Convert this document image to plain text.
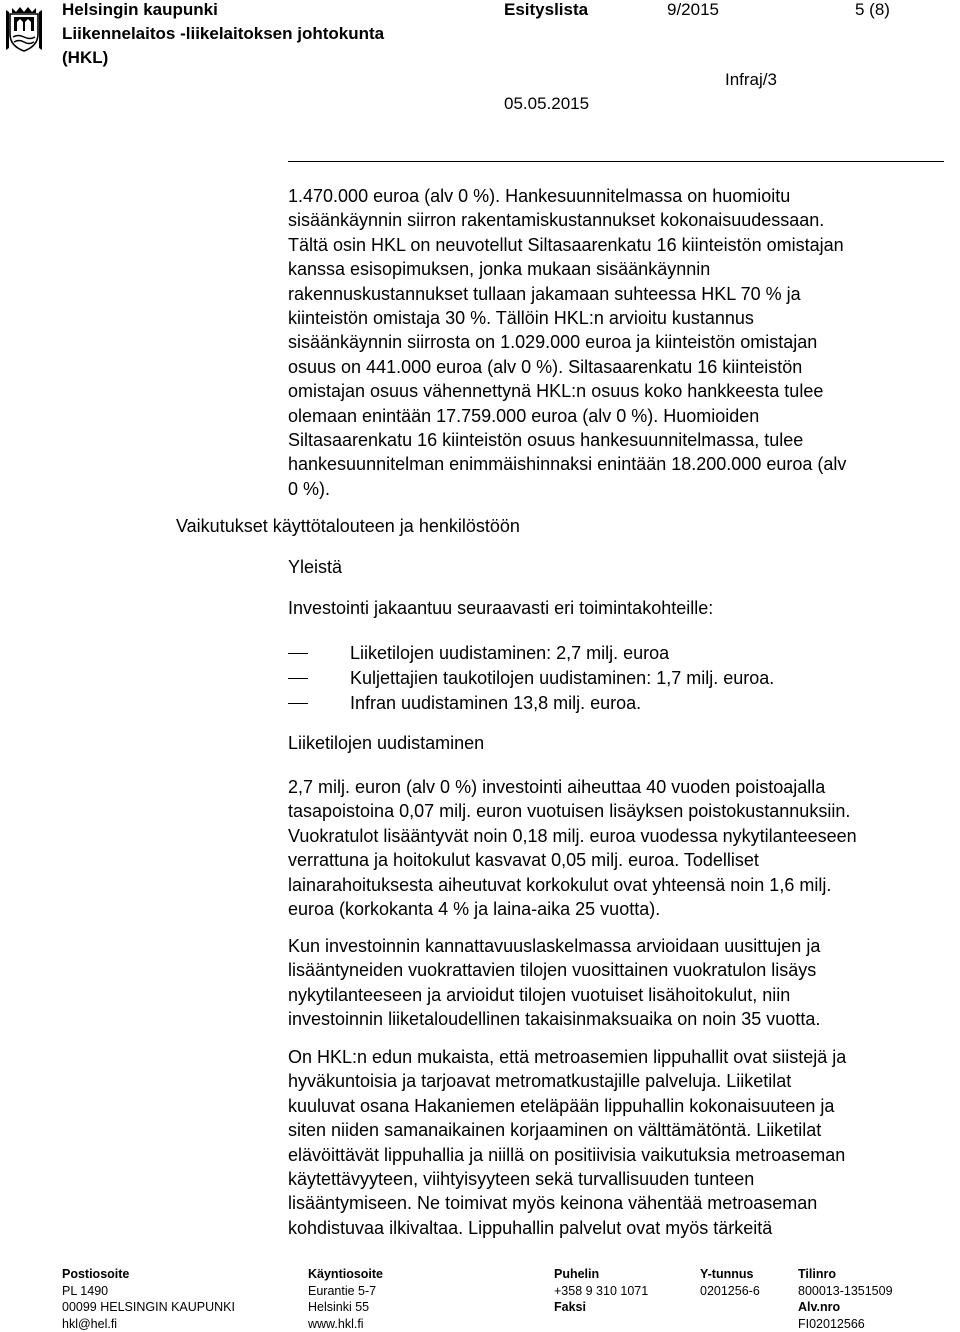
Helsingin kaupunki
Liikennelaitos -liikelaitoksen johtokunta
(HKL)
Esityslista	9/2015	5 (8)
Infraj/3
05.05.2015
1.470.000 euroa (alv 0 %). Hankesuunnitelmassa on huomioitu
sisäänkäynnin siirron rakentamiskustannukset kokonaisuudessaan.
Tältä osin HKL on neuvotellut Siltasaarenkatu 16 kiinteistön omistajan
kanssa esisopimuksen, jonka mukaan sisäänkäynnin
rakennuskustannukset tullaan jakamaan suhteessa HKL 70 % ja
kiinteistön omistaja 30 %. Tällöin HKL:n arvioitu kustannus
sisäänkäynnin siirrosta on 1.029.000 euroa ja kiinteistön omistajan
osuus on 441.000 euroa (alv 0 %). Siltasaarenkatu 16 kiinteistön
omistajan osuus vähennettynä HKL:n osuus koko hankkeesta tulee
olemaan enintään 17.759.000 euroa (alv 0 %). Huomioiden
Siltasaarenkatu 16 kiinteistön osuus hankesuunnitelmassa, tulee
hankesuunnitelman enimmäishinnaksi enintään 18.200.000 euroa (alv
0 %).
Vaikutukset käyttötalouteen ja henkilöstöön
Yleistä
Investointi jakaantuu seuraavasti eri toimintakohteille:
Liiketilojen uudistaminen: 2,7 milj. euroa
Kuljettajien taukotilojen uudistaminen: 1,7 milj. euroa.
Infran uudistaminen 13,8 milj. euroa.
Liiketilojen uudistaminen
2,7 milj. euron (alv 0 %) investointi aiheuttaa 40 vuoden poistoajalla
tasapoistoina 0,07 milj. euron vuotuisen lisäyksen poistokustannuksiin.
Vuokratulot lisääntyvät noin 0,18 milj. euroa vuodessa nykytilanteeseen
verrattuna ja hoitokulut kasvavat 0,05 milj. euroa. Todelliset
lainarahoituksesta aiheutuvat korkokulut ovat yhteensä noin 1,6 milj.
euroa (korkokanta 4 % ja laina-aika 25 vuotta).
Kun investoinnin kannattavuuslaskelmassa arvioidaan uusittujen ja
lisääntyneiden vuokrattavien tilojen vuosittainen vuokratulon lisäys
nykytilanteeseen ja arvioidut tilojen vuotuiset lisähoitokulut, niin
investoinnin liiketaloudellinen takaisinmaksuaika on noin 35 vuotta.
On HKL:n edun mukaista, että metroasemien lippuhallit ovat siistejä ja
hyväkuntoisia ja tarjoavat metromatkustajille palveluja. Liiketilat
kuuluvat osana Hakaniemen eteläpään lippuhallin kokonaisuuteen ja
siten niiden samanaikainen korjaaminen on välttämätöntä. Liiketilat
elävöittävät lippuhallia ja niillä on positiivisia vaikutuksia metroaseman
käytettävyyteen, viihtyisyyteen sekä turvallisuuden tunteen
lisääntymiseen. Ne toimivat myös keinona vähentää metroaseman
kohdistuvaa ilkivaltaa. Lippuhallin palvelut ovat myös tärkeitä
Postiosoite
PL 1490
00099 HELSINGIN KAUPUNKI
hkl@hel.fi
Käyntiosoite
Eurantie 5-7
Helsinki 55
www.hkl.fi
Puhelin
+358 9 310 1071
Faksi
Y-tunnus
0201256-6
Tilinro
800013-1351509
Alv.nro
FI02012566
